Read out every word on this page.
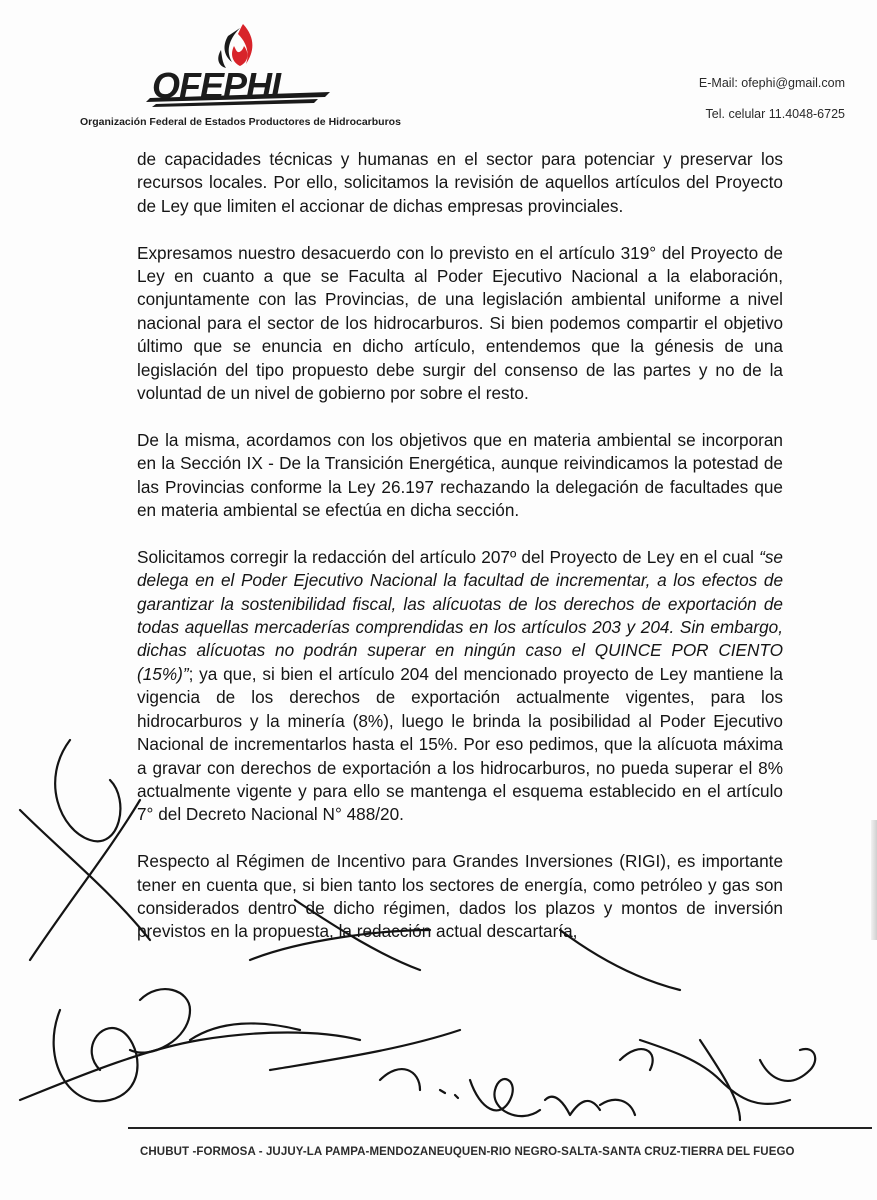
OFEPHI
Organización Federal de Estados Productores de Hidrocarburos
E-Mail: ofephi@gmail.com
Tel. celular 11.4048-6725

de capacidades técnicas y humanas en el sector para potenciar y preservar los recursos locales. Por ello, solicitamos la revisión de aquellos artículos del Proyecto de Ley que limiten el accionar de dichas empresas provinciales.

Expresamos nuestro desacuerdo con lo previsto en el artículo 319° del Proyecto de Ley en cuanto a que se Faculta al Poder Ejecutivo Nacional a la elaboración, conjuntamente con las Provincias, de una legislación ambiental uniforme a nivel nacional para el sector de los hidrocarburos. Si bien podemos compartir el objetivo último que se enuncia en dicho artículo, entendemos que la génesis de una legislación del tipo propuesto debe surgir del consenso de las partes y no de la voluntad de un nivel de gobierno por sobre el resto.

De la misma, acordamos con los objetivos que en materia ambiental se incorporan en la Sección IX - De la Transición Energética, aunque reivindicamos la potestad de las Provincias conforme la Ley 26.197 rechazando la delegación de facultades que en materia ambiental se efectúa en dicha sección.

Solicitamos corregir la redacción del artículo 207º del Proyecto de Ley en el cual “se delega en el Poder Ejecutivo Nacional la facultad de incrementar, a los efectos de garantizar la sostenibilidad fiscal, las alícuotas de los derechos de exportación de todas aquellas mercaderías comprendidas en los artículos 203 y 204. Sin embargo, dichas alícuotas no podrán superar en ningún caso el QUINCE POR CIENTO (15%)”; ya que, si bien el artículo 204 del mencionado proyecto de Ley mantiene la vigencia de los derechos de exportación actualmente vigentes, para los hidrocarburos y la minería (8%), luego le brinda la posibilidad al Poder Ejecutivo Nacional de incrementarlos hasta el 15%. Por eso pedimos, que la alícuota máxima a gravar con derechos de exportación a los hidrocarburos, no pueda superar el 8% actualmente vigente y para ello se mantenga el esquema establecido en el artículo 7° del Decreto Nacional N° 488/20.

Respecto al Régimen de Incentivo para Grandes Inversiones (RIGI), es importante tener en cuenta que, si bien tanto los sectores de energía, como petróleo y gas son considerados dentro de dicho régimen, dados los plazos y montos de inversión previstos en la propuesta, la redacción actual descartaría,

CHUBUT -FORMOSA - JUJUY-LA PAMPA-MENDOZANEUQUEN-RIO NEGRO-SALTA-SANTA CRUZ-TIERRA DEL FUEGO
